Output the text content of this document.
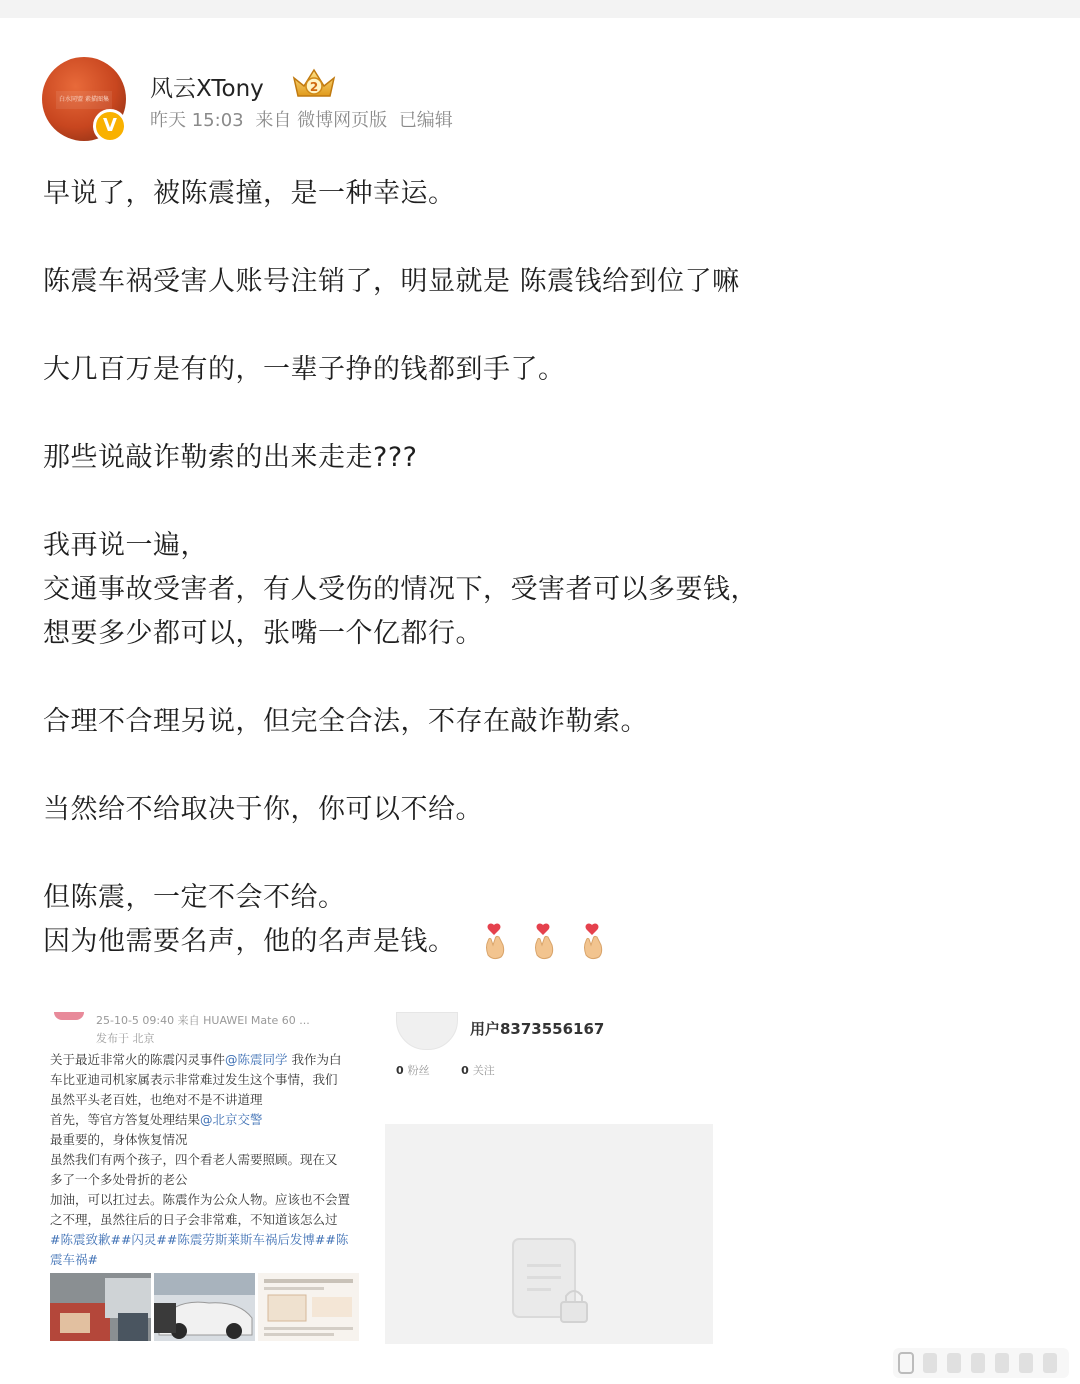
白水同盟 素描图集
V
风云XTony	2
昨天 15:03 来自 微博网页版 已编辑

早说了，被陈震撞，是一种幸运。

陈震车祸受害人账号注销了，明显就是 陈震钱给到位了嘛

大几百万是有的，一辈子挣的钱都到手了。

那些说敲诈勒索的出来走走???

我再说一遍，

交通事故受害者，有人受伤的情况下，受害者可以多要钱，

想要多少都可以，张嘴一个亿都行。

合理不合理另说，但完全合法，不存在敲诈勒索。

当然给不给取决于你，你可以不给。

但陈震，一定不会不给。

因为他需要名声，他的名声是钱。

25-10-5 09:40 来自 HUAWEI Mate 60 ...
发布于 北京
关于最近非常火的陈震闪灵事件@陈震同学 我作为白
车比亚迪司机家属表示非常难过发生这个事情，我们
虽然平头老百姓，也绝对不是不讲道理
首先，等官方答复处理结果@北京交警
最重要的，身体恢复情况
虽然我们有两个孩子，四个看老人需要照顾。现在又
多了一个多处骨折的老公
加油，可以扛过去。陈震作为公众人物。应该也不会置
之不理，虽然往后的日子会非常难，不知道该怎么过
#陈震致歉##闪灵##陈震劳斯莱斯车祸后发博##陈
震车祸#
用户8373556167
0 粉丝	0 关注
